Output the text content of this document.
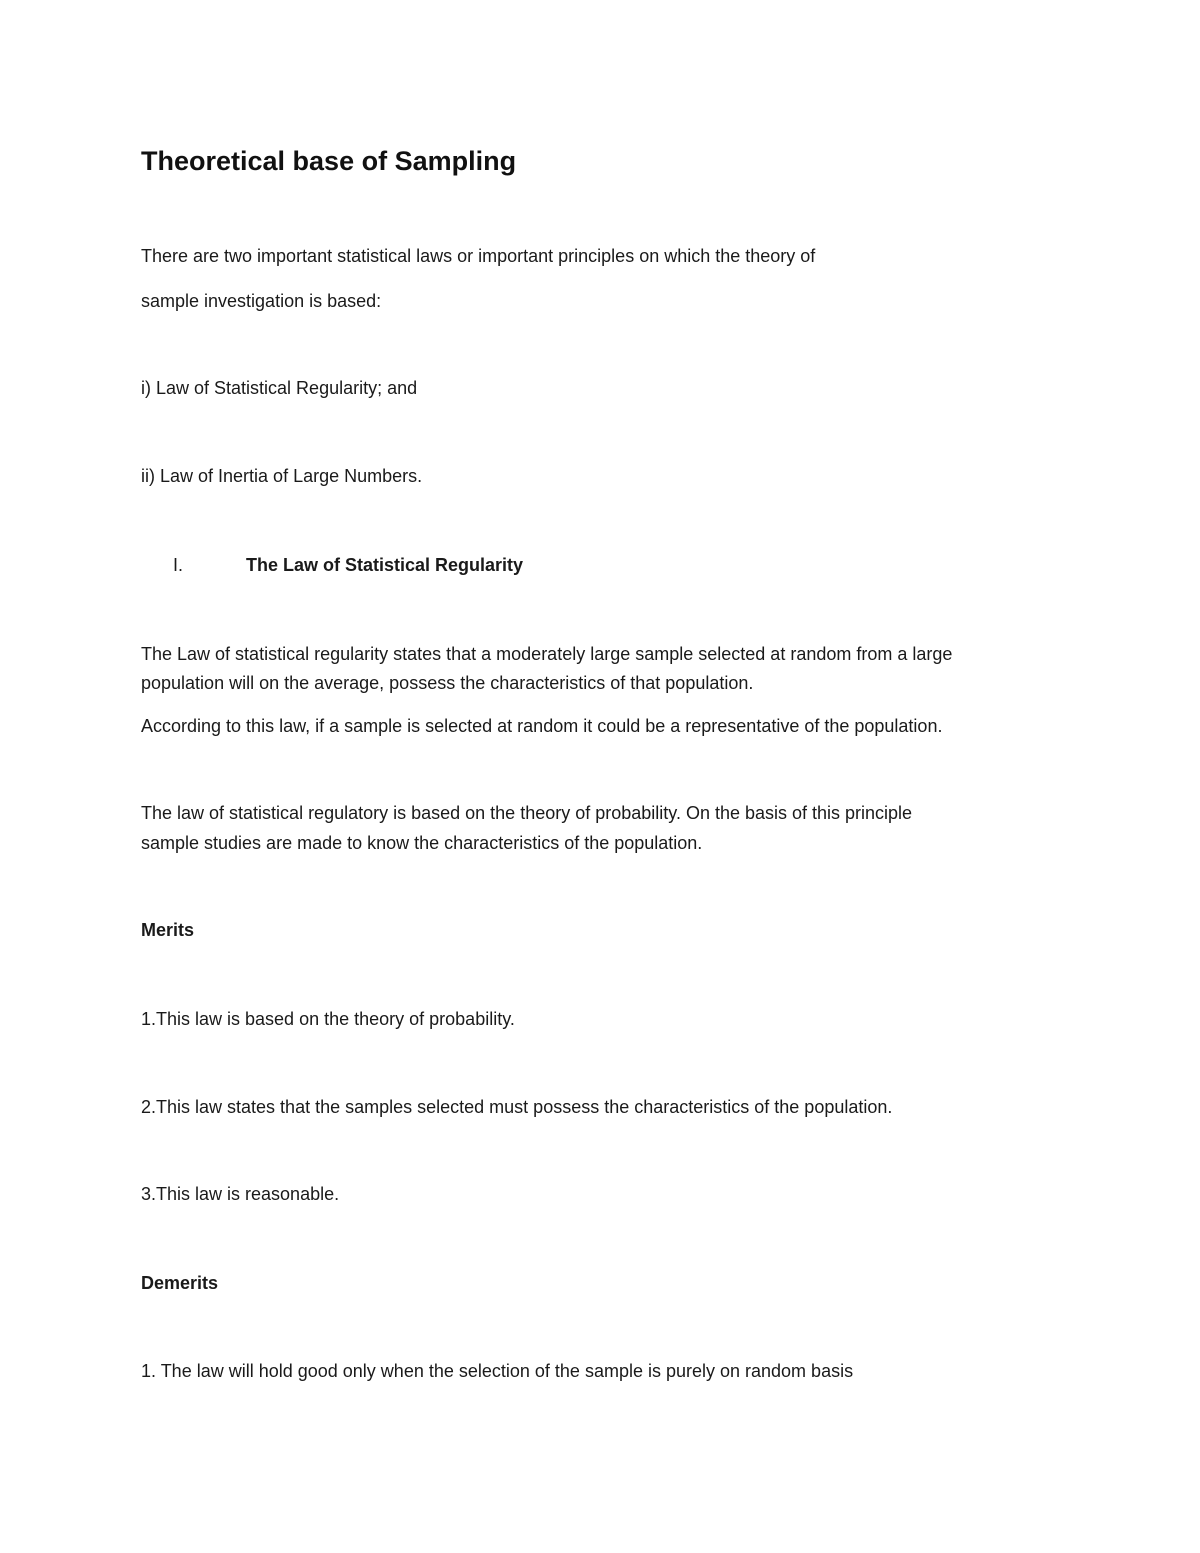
Theoretical base of Sampling
There are two important statistical laws or important principles on which the theory of
sample investigation is based:
i) Law of Statistical Regularity; and
ii) Law of Inertia of Large Numbers.
I.	The Law of Statistical Regularity
The Law of statistical regularity states that a moderately large sample selected at random from a large
population will on the average, possess the characteristics of that population.
According to this law, if a sample is selected at random it could be a representative of the population.
The law of statistical regulatory is based on the theory of probability. On the basis of this principle
sample studies are made to know the characteristics of the population.
Merits
1.This law is based on the theory of probability.
2.This law states that the samples selected must possess the characteristics of the population.
3.This law is reasonable.
Demerits
1. The law will hold good only when the selection of the sample is purely on random basis
